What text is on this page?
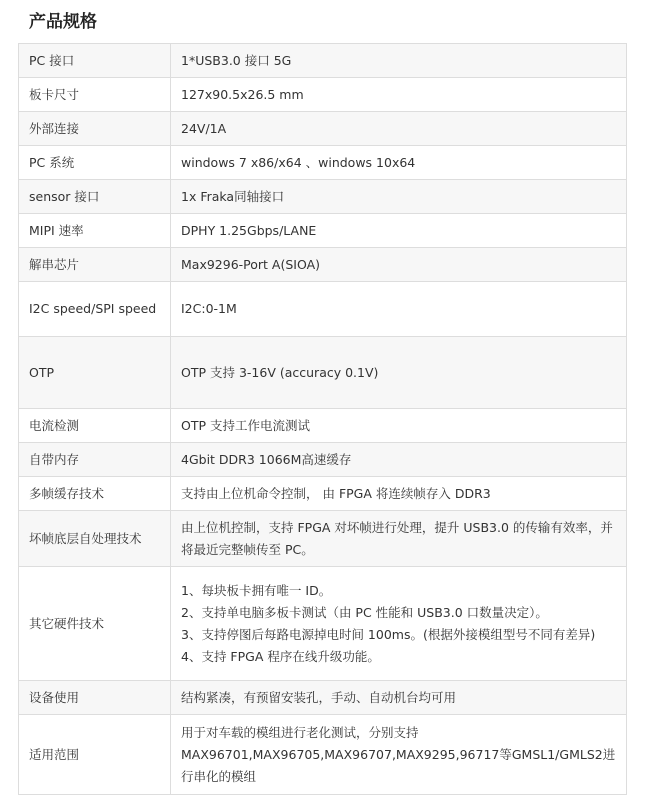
产品规格
PC 接口	1*USB3.0 接口 5G
板卡尺寸	127x90.5x26.5 mm
外部连接	24V/1A
PC 系统	windows 7 x86/x64 、windows 10x64
sensor 接口	1x Fraka同轴接口
MIPI 速率	DPHY 1.25Gbps/LANE
解串芯片	Max9296-Port A(SIOA)
I2C speed/SPI speed	I2C:0-1M
OTP	OTP 支持 3-16V (accuracy 0.1V)
电流检测	OTP 支持工作电流测试
自带内存	4Gbit DDR3 1066M高速缓存
多帧缓存技术	支持由上位机命令控制， 由 FPGA 将连续帧存入 DDR3
坏帧底层自处理技术	由上位机控制，支持 FPGA 对坏帧进行处理，提升 USB3.0 的传输有效率，并将最近完整帧传至 PC。
其它硬件技术	1、每块板卡拥有唯一 ID。
2、支持单电脑多板卡测试（由 PC 性能和 USB3.0 口数量决定）。
3、支持停图后每路电源掉电时间 100ms。(根据外接模组型号不同有差异)
4、支持 FPGA 程序在线升级功能。
设备使用	结构紧凑，有预留安装孔，手动、自动机台均可用
适用范围	用于对车载的模组进行老化测试，分别支持
MAX96701,MAX96705,MAX96707,MAX9295,96717等GMSL1/GMLS2进行串化的模组
